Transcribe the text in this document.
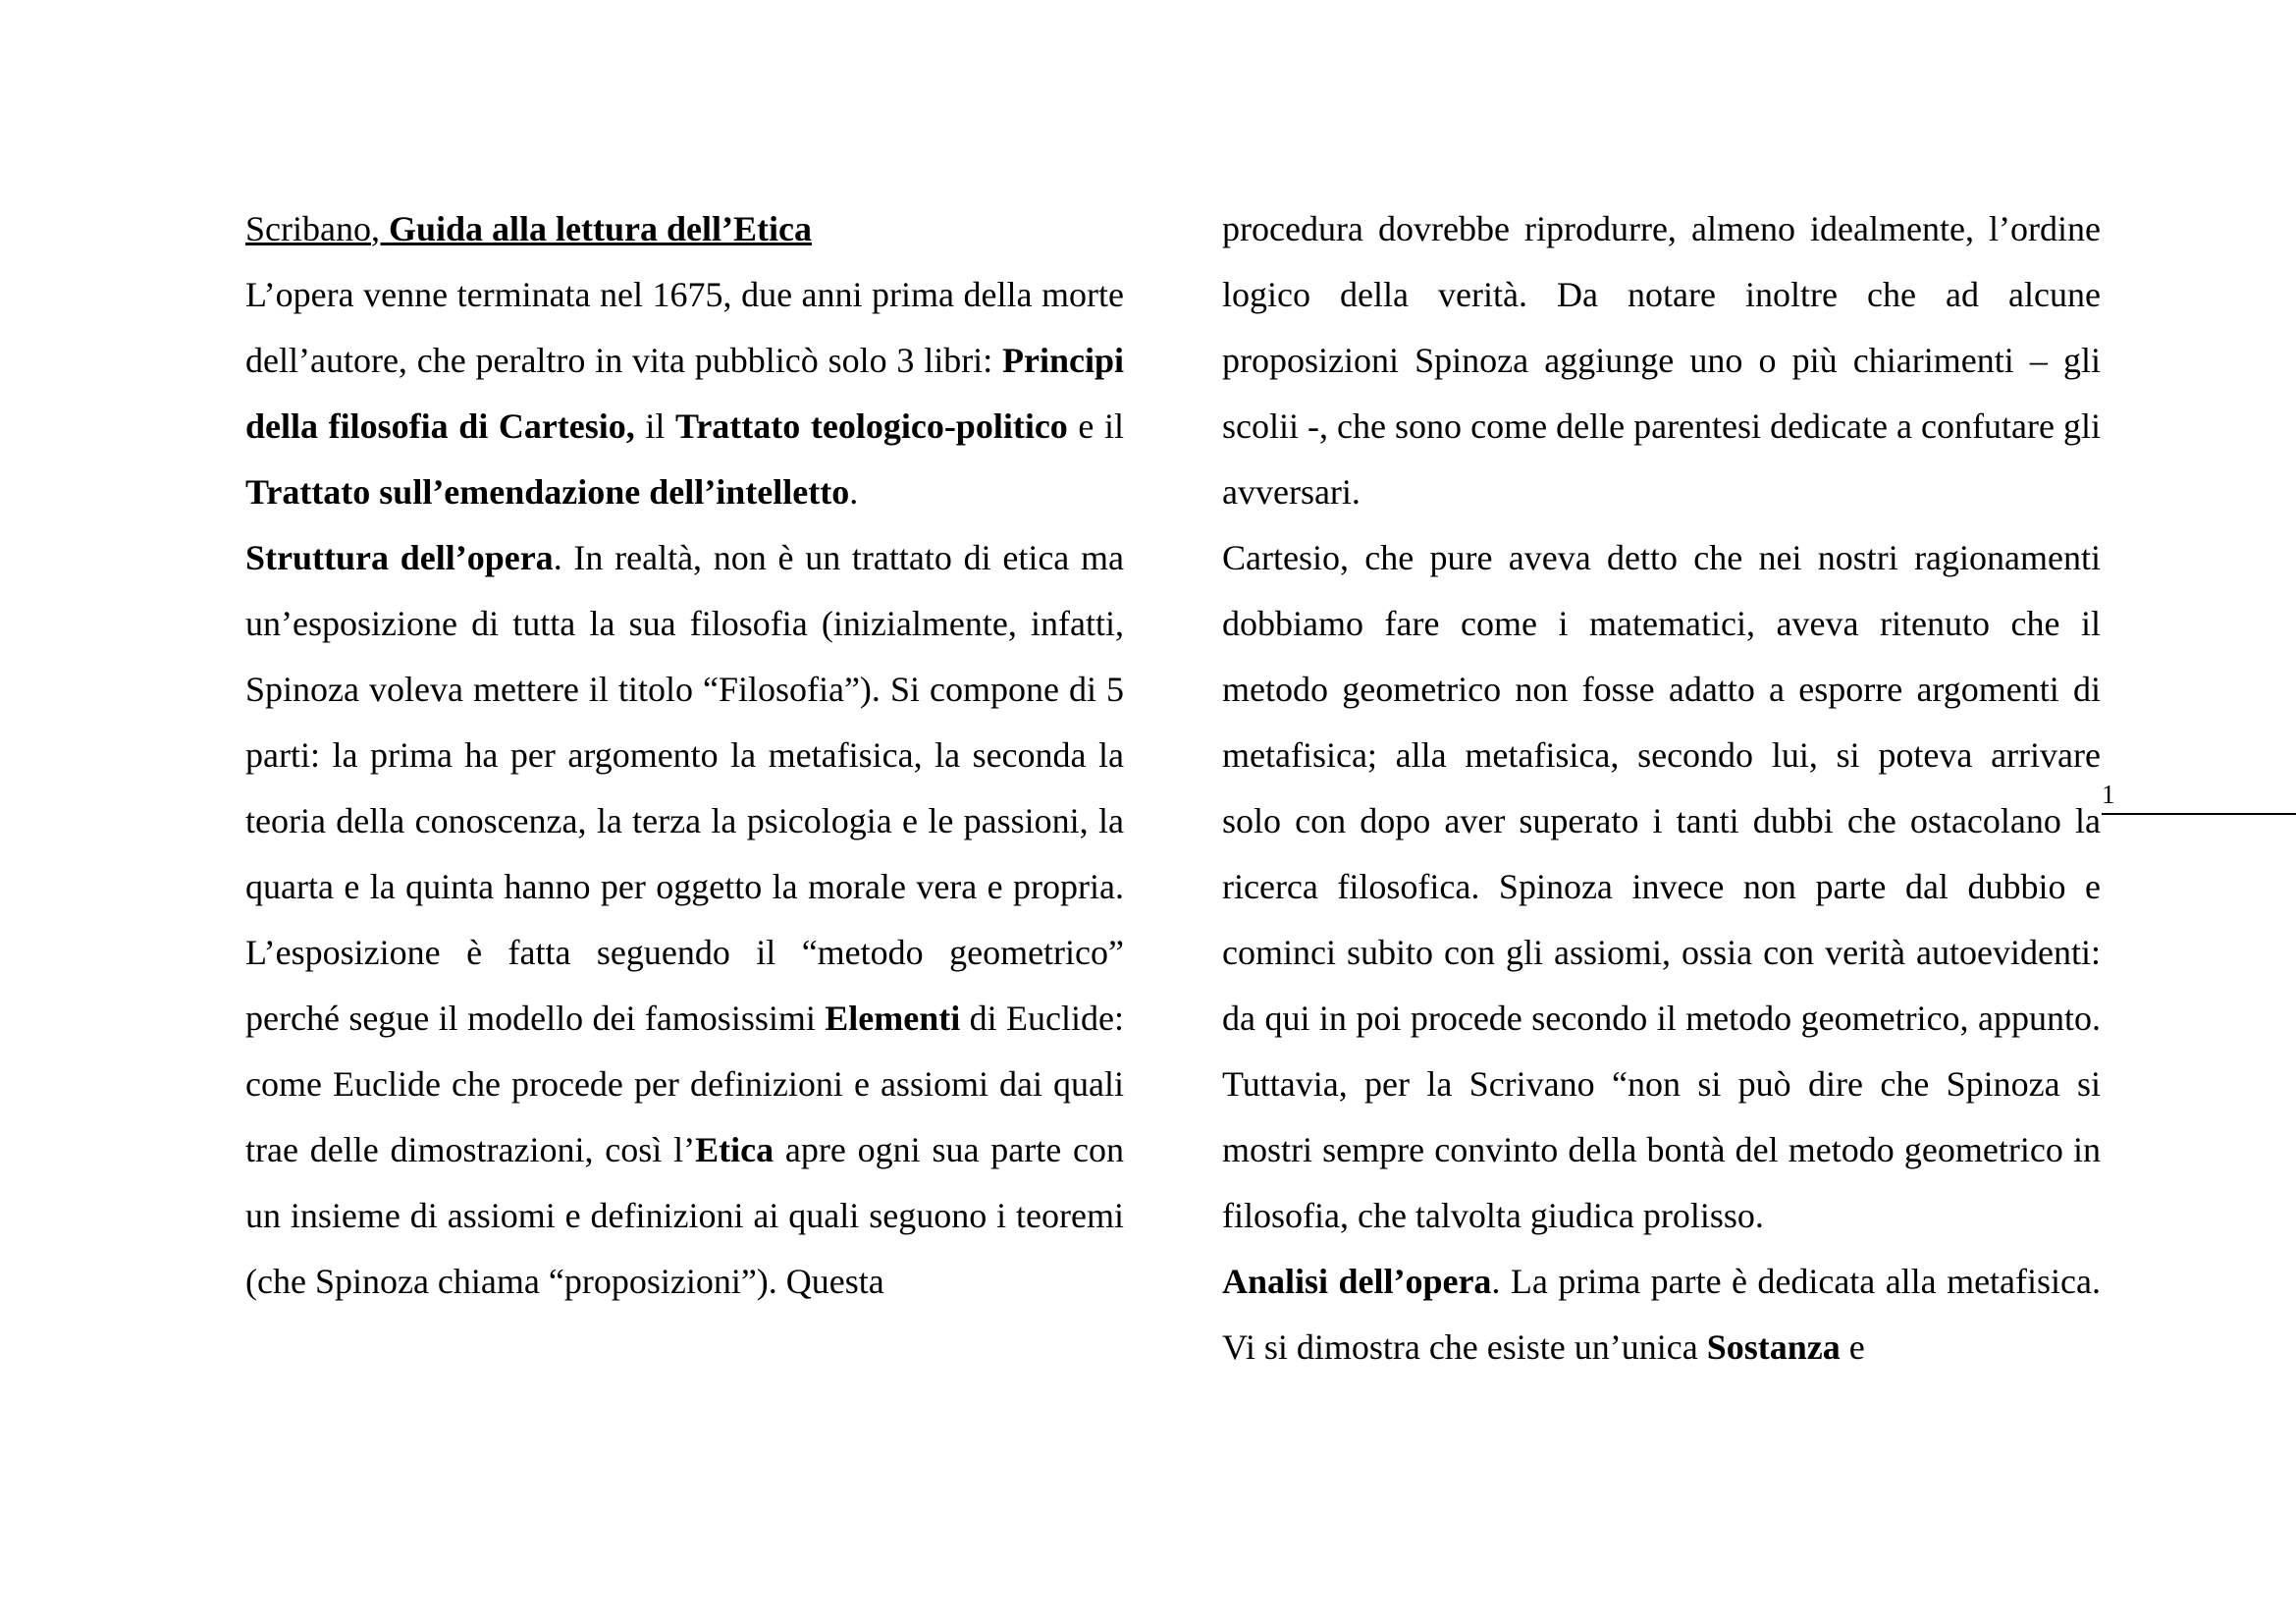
Scribano, Guida alla lettura dell’Etica

L’opera venne terminata nel 1675, due anni prima della morte dell’autore, che peraltro in vita pubblicò solo 3 libri: Principi della filosofia di Cartesio, il Trattato teologico-politico e il Trattato sull’emendazione dell’intelletto.

Struttura dell’opera. In realtà, non è un trattato di etica ma un’esposizione di tutta la sua filosofia (inizialmente, infatti, Spinoza voleva mettere il titolo “Filosofia”). Si compone di 5 parti: la prima ha per argomento la metafisica, la seconda la teoria della conoscenza, la terza la psicologia e le passioni, la quarta e la quinta hanno per oggetto la morale vera e propria. L’esposizione è fatta seguendo il “metodo geometrico” perché segue il modello dei famosissimi Elementi di Euclide: come Euclide che procede per definizioni e assiomi dai quali trae delle dimostrazioni, così l’Etica apre ogni sua parte con un insieme di assiomi e definizioni ai quali seguono i teoremi (che Spinoza chiama “proposizioni”). Questa

procedura dovrebbe riprodurre, almeno idealmente, l’ordine logico della verità. Da notare inoltre che ad alcune proposizioni Spinoza aggiunge uno o più chiarimenti – gli scolii -, che sono come delle parentesi dedicate a confutare gli avversari.

Cartesio, che pure aveva detto che nei nostri ragionamenti dobbiamo fare come i matematici, aveva ritenuto che il metodo geometrico non fosse adatto a esporre argomenti di metafisica; alla metafisica, secondo lui, si poteva arrivare solo con dopo aver superato i tanti dubbi che ostacolano la ricerca filosofica. Spinoza invece non parte dal dubbio e cominci subito con gli assiomi, ossia con verità autoevidenti: da qui in poi procede secondo il metodo geometrico, appunto. Tuttavia, per la Scrivano “non si può dire che Spinoza si mostri sempre convinto della bontà del metodo geometrico in filosofia, che talvolta giudica prolisso.

Analisi dell’opera. La prima parte è dedicata alla metafisica. Vi si dimostra che esiste un’unica Sostanza e

1
